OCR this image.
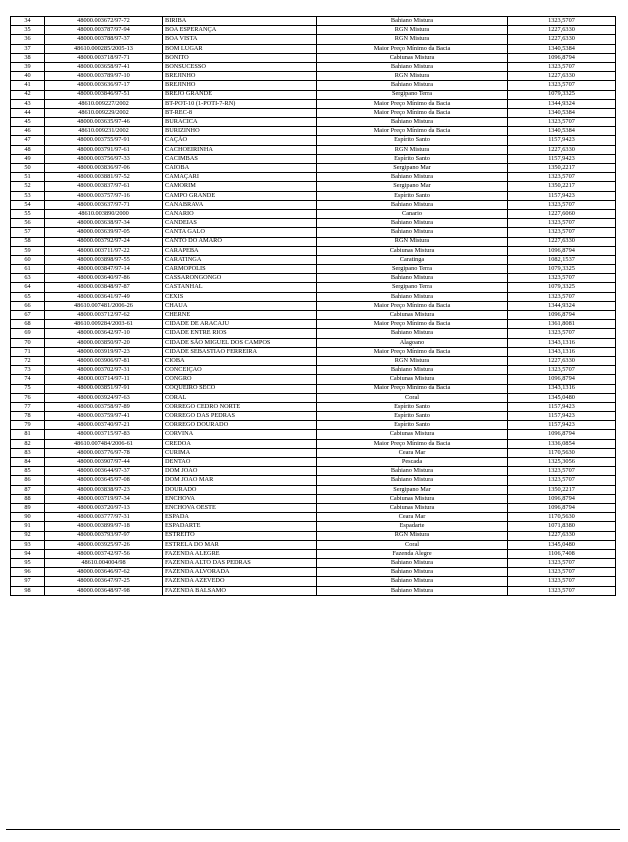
34	48000.003672/97-72	BIRIBA	Bahiano Mistura	1323,5707
35	48000.003787/97-94	BOA ESPERANÇA	RGN Mistura	1227,6330
36	48000.003788/97-37	BOA VISTA	RGN Mistura	1227,6330
37	48610.000285/2005-13	BOM LUGAR	Maior Preço Mínimo da Bacia	1340,5384
38	48000.003718/97-71	BONITO	Cabiunas Mistura	1096,8794
39	48000.003658/97-41	BONSUCESSO	Bahiano Mistura	1323,5707
40	48000.003789/97-10	BREJINHO	RGN Mistura	1227,6330
41	48000.003636/97-17	BREJINHO	Bahiano Mistura	1323,5707
42	48000.003846/97-51	BREJO GRANDE	Sergipano Terra	1079,3325
43	48610.009227/2002	BT-POT-10 (1-POTI-7-RN)	Maior Preço Mínimo da Bacia	1344,9324
44	48610.009229/2002	BT-REC-8	Maior Preço Mínimo da Bacia	1340,5384
45	48000.003635/97-46	BURACICA	Bahiano Mistura	1323,5707
46	48610.009231/2002	BURIZINHO	Maior Preço Mínimo da Bacia	1340,5384
47	48000.003755/97-91	CAÇÃO	Espírito Santo	1157,9423
48	48000.003791/97-61	CACHOEIRINHA	RGN Mistura	1227,6330
49	48000.003756/97-33	CACIMBAS	Espírito Santo	1157,9423
50	48000.003836/97-06	CAIOBA	Sergipano Mar	1350,2217
51	48000.003881/97-52	CAMAÇARI	Bahiano Mistura	1323,5707
52	48000.003837/97-61	CAMORIM	Sergipano Mar	1350,2217
53	48000.003757/97-16	CAMPO GRANDE	Espírito Santo	1157,9423
54	48000.003637/97-71	CANABRAVA	Bahiano Mistura	1323,5707
55	48610.003890/2000	CANARIO	Canario	1227,6060
56	48000.003638/97-34	CANDEIAS	Bahiano Mistura	1323,5707
57	48000.003639/97-05	CANTA GALO	Bahiano Mistura	1323,5707
58	48000.003792/97-24	CANTO DO AMARO	RGN Mistura	1227,6330
59	48000.003711/97-22	CARAPEBA	Cabiunas Mistura	1096,8794
60	48000.003898/97-55	CARATINGA	Caratinga	1082,1537
61	48000.003847/97-14	CARMOPOLIS	Sergipano Terra	1079,3325
63	48000.003640/97-86	CASSARONGONGO	Bahiano Mistura	1323,5707
64	48000.003848/97-87	CASTANHAL	Sergipano Terra	1079,3325
65	48000.003641/97-49	CEXIS	Bahiano Mistura	1323,5707
66	48610.007481/2006-26	CHAUA	Maior Preço Mínimo da Bacia	1344,9324
67	48000.003712/97-62	CHERNE	Cabiunas Mistura	1096,8794
68	48610.009284/2003-61	CIDADE DE ARACAJU	Maior Preço Mínimo da Bacia	1361,8081
69	48000.003642/97-10	CIDADE ENTRE RIOS	Bahiano Mistura	1323,5707
70	48000.003850/97-20	CIDADE SÃO MIGUEL DOS CAMPOS	Alagoano	1343,1316
71	48000.003919/97-23	CIDADE SEBASTIAO FERREIRA	Maior Preço Mínimo da Bacia	1343,1316
72	48000.003906/97-81	CIOBA	RGN Mistura	1227,6330
73	48000.003702/97-31	CONCEIÇAO	Bahiano Mistura	1323,5707
74	48000.003714/97-11	CONGRO	Cabiunas Mistura	1096,8794
75	48000.003851/97-91	COQUEIRO SECO	Maior Preço Mínimo da Bacia	1343,1316
76	48000.003924/97-63	CORAL	Coral	1345,0480
77	48000.003758/97-89	CORREGO CEDRO NORTE	Espírito Santo	1157,9423
78	48000.003759/97-41	CORREGO DAS PEDRAS	Espírito Santo	1157,9423
79	48000.003740/97-21	CORREGO DOURADO	Espírito Santo	1157,9423
81	48000.003715/97-83	CORVINA	Cabiunas Mistura	1096,8794
82	48610.007484/2006-61	CREDOA	Maior Preço Mínimo da Bacia	1336,0854
83	48000.003776/97-78	CURIMA	Ceara Mar	1170,5630
84	48000.003907/97-44	DENTAO	Pescada	1325,3056
85	48000.003644/97-37	DOM JOAO	Bahiano Mistura	1323,5707
86	48000.003645/97-08	DOM JOAO MAR	Bahiano Mistura	1323,5707
87	48000.003838/97-23	DOURADO	Sergipano Mar	1350,2217
88	48000.003719/97-34	ENCHOVA	Cabiunas Mistura	1096,8794
89	48000.003720/97-13	ENCHOVA OESTE	Cabiunas Mistura	1096,8794
90	48000.003777/97-31	ESPADA	Ceara Mar	1170,5630
91	48000.003899/97-18	ESPADARTE	Espadarte	1071,8380
92	48000.003793/97-97	ESTREITO	RGN Mistura	1227,6330
93	48000.003925/97-26	ESTRELA DO MAR	Coral	1345,0480
94	48000.003742/97-56	FAZENDA ALEGRE	Fazenda Alegre	1106,7408
95	48610.004004/98	FAZENDA ALTO DAS PEDRAS	Bahiano Mistura	1323,5707
96	48000.003646/97-62	FAZENDA ALVORADA	Bahiano Mistura	1323,5707
97	48000.003647/97-25	FAZENDA AZEVEDO	Bahiano Mistura	1323,5707
98	48000.003648/97-98	FAZENDA BALSAMO	Bahiano Mistura	1323,5707
